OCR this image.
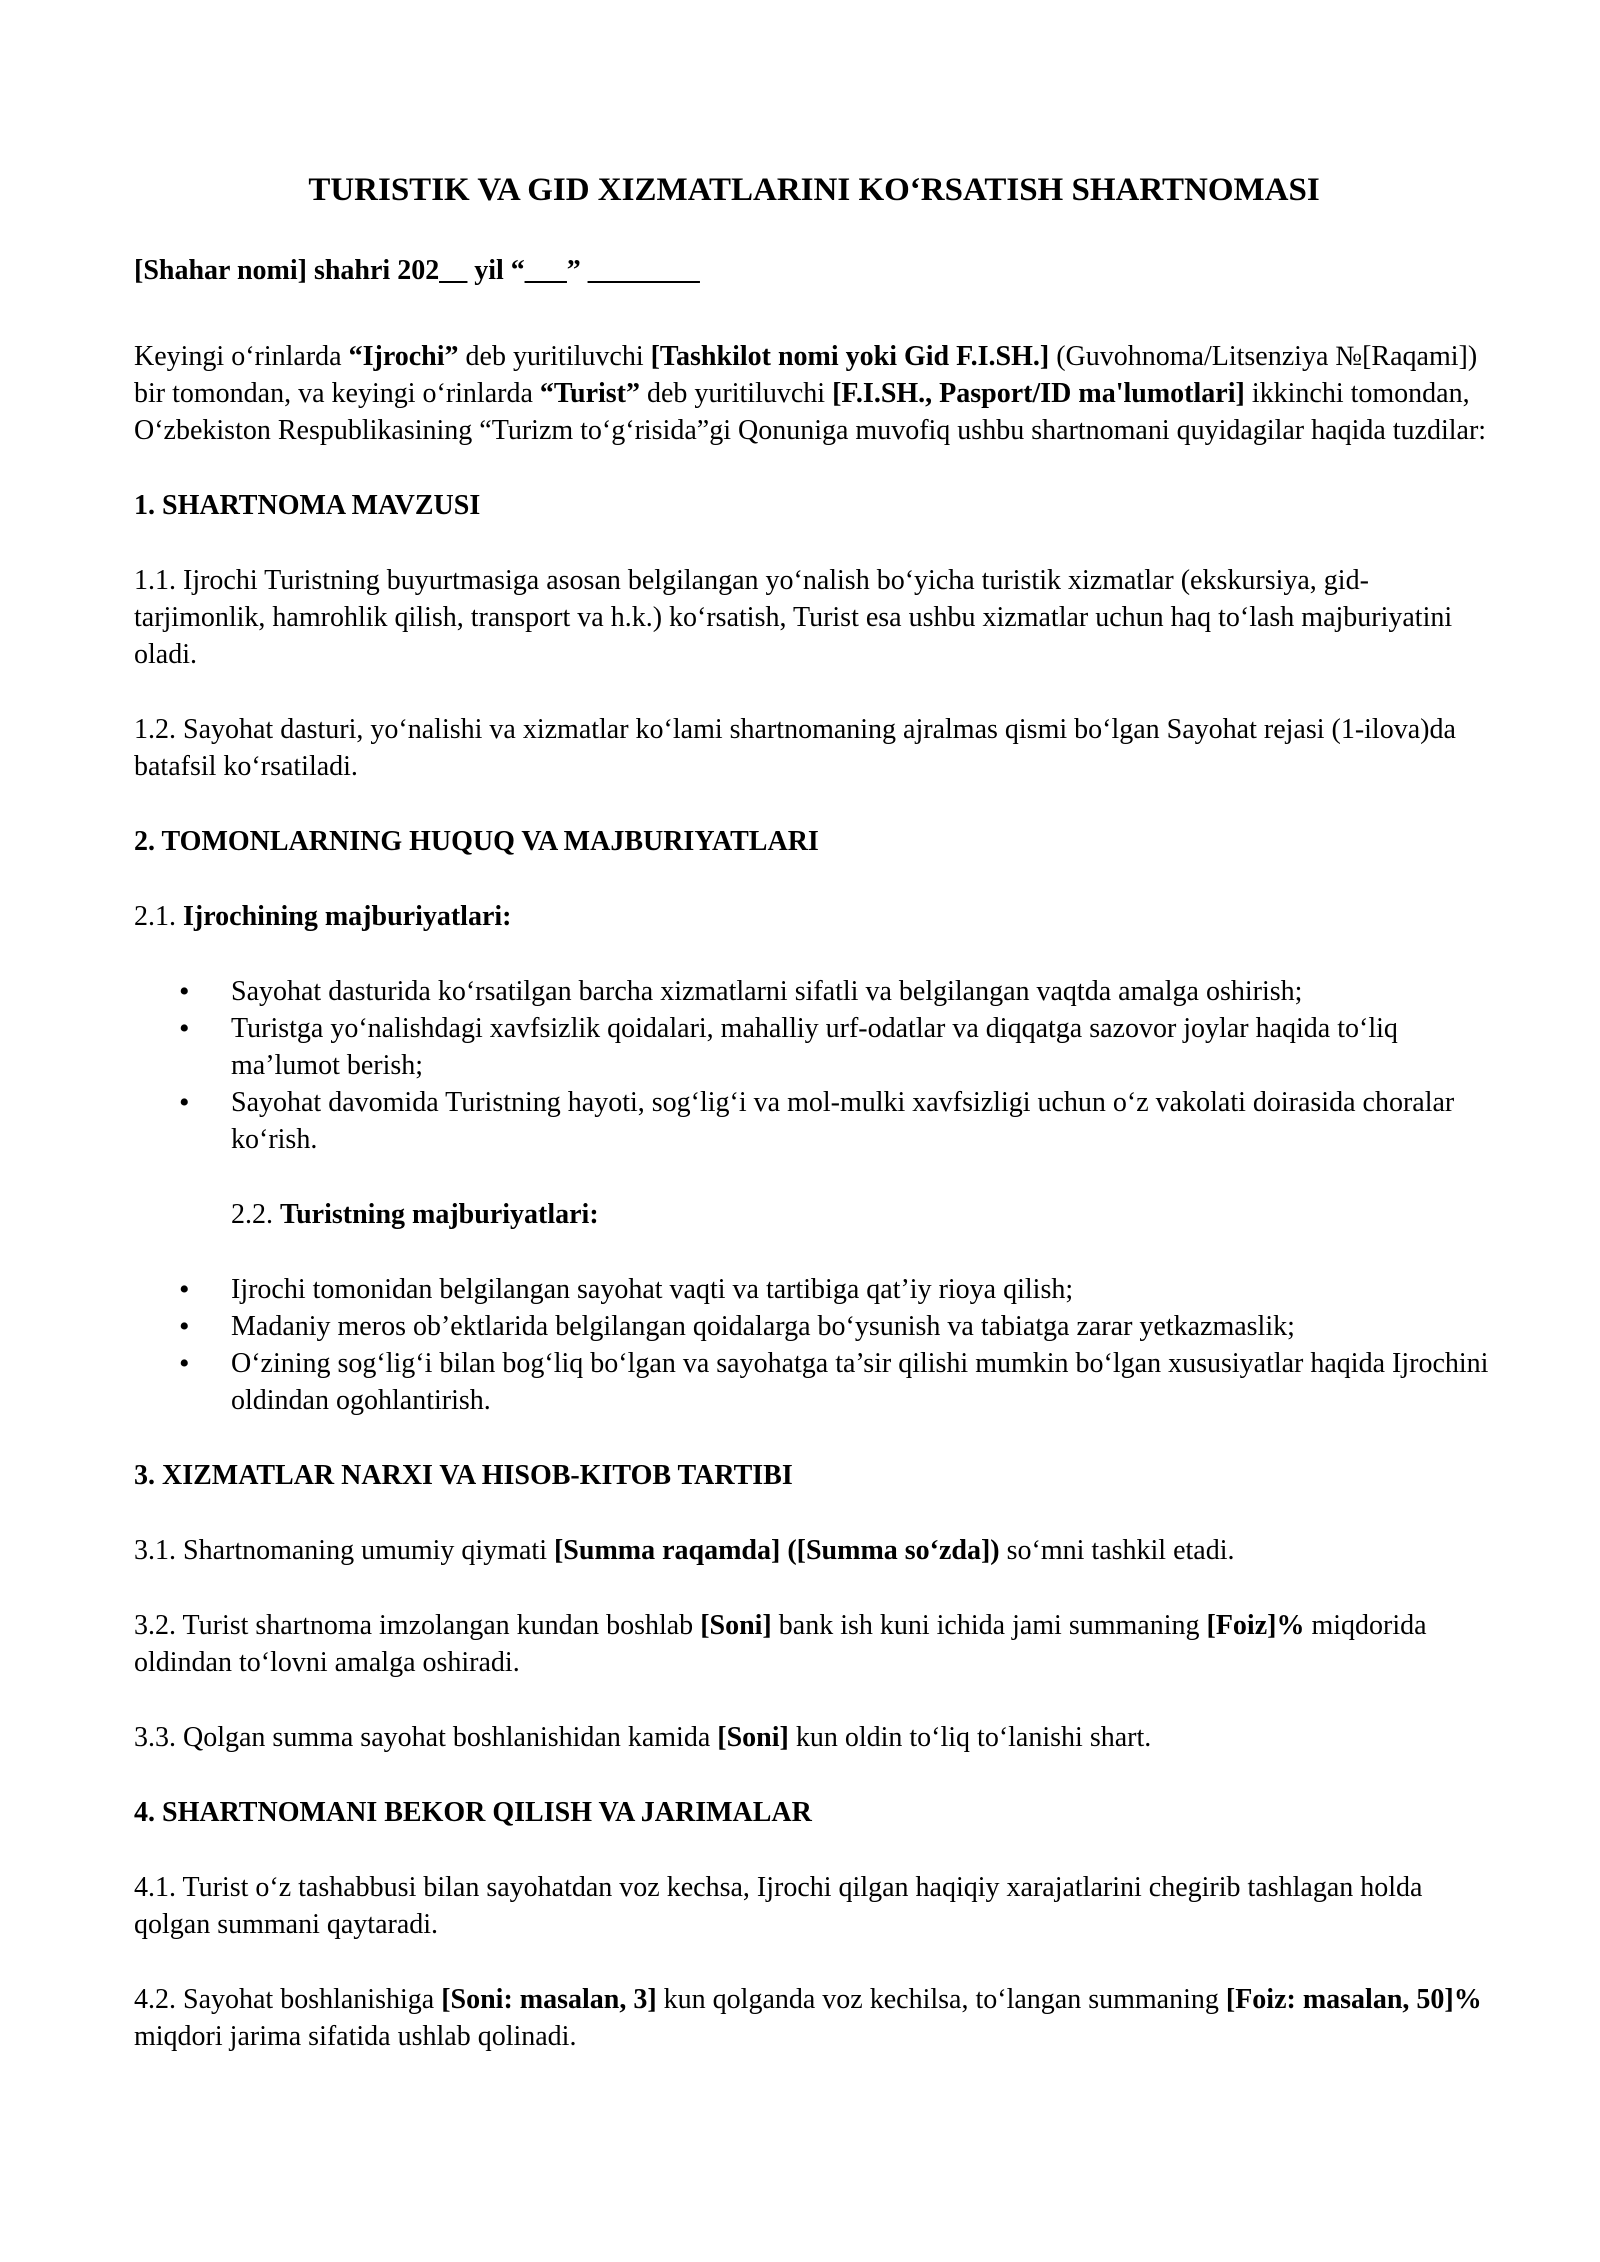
TURISTIK VA GID XIZMATLARINI KO‘RSATISH SHARTNOMASI
[Shahar nomi] shahri 202__ yil “___” ________

Keyingi o‘rinlarda “Ijrochi” deb yuritiluvchi [Tashkilot nomi yoki Gid F.I.SH.] (Guvohnoma/Litsenziya №[Raqami]) bir tomondan, va keyingi o‘rinlarda “Turist” deb yuritiluvchi [F.I.SH., Pasport/ID ma'lumotlari] ikkinchi tomondan, O‘zbekiston Respublikasining “Turizm to‘g‘risida”gi Qonuniga muvofiq ushbu shartnomani quyidagilar haqida tuzdilar:

1. SHARTNOMA MAVZUSI

1.1. Ijrochi Turistning buyurtmasiga asosan belgilangan yo‘nalish bo‘yicha turistik xizmatlar (ekskursiya, gid-tarjimonlik, hamrohlik qilish, transport va h.k.) ko‘rsatish, Turist esa ushbu xizmatlar uchun haq to‘lash majburiyatini oladi.

1.2. Sayohat dasturi, yo‘nalishi va xizmatlar ko‘lami shartnomaning ajralmas qismi bo‘lgan Sayohat rejasi (1-ilova)da batafsil ko‘rsatiladi.

2. TOMONLARNING HUQUQ VA MAJBURIYATLARI

2.1. Ijrochining majburiyatlari:

• Sayohat dasturida ko‘rsatilgan barcha xizmatlarni sifatli va belgilangan vaqtda amalga oshirish;
• Turistga yo‘nalishdagi xavfsizlik qoidalari, mahalliy urf-odatlar va diqqatga sazovor joylar haqida to‘liq ma’lumot berish;
• Sayohat davomida Turistning hayoti, sog‘lig‘i va mol-mulki xavfsizligi uchun o‘z vakolati doirasida choralar ko‘rish.

2.2. Turistning majburiyatlari:

• Ijrochi tomonidan belgilangan sayohat vaqti va tartibiga qat’iy rioya qilish;
• Madaniy meros ob’ektlarida belgilangan qoidalarga bo‘ysunish va tabiatga zarar yetkazmaslik;
• O‘zining sog‘lig‘i bilan bog‘liq bo‘lgan va sayohatga ta’sir qilishi mumkin bo‘lgan xususiyatlar haqida Ijrochini oldindan ogohlantirish.
3. XIZMATLAR NARXI VA HISOB-KITOB TARTIBI

3.1. Shartnomaning umumiy qiymati [Summa raqamda] ([Summa so‘zda]) so‘mni tashkil etadi.

3.2. Turist shartnoma imzolangan kundan boshlab [Soni] bank ish kuni ichida jami summaning [Foiz]% miqdorida oldindan to‘lovni amalga oshiradi.

3.3. Qolgan summa sayohat boshlanishidan kamida [Soni] kun oldin to‘liq to‘lanishi shart.

4. SHARTNOMANI BEKOR QILISH VA JARIMALAR

4.1. Turist o‘z tashabbusi bilan sayohatdan voz kechsa, Ijrochi qilgan haqiqiy xarajatlarini chegirib tashlagan holda qolgan summani qaytaradi.

4.2. Sayohat boshlanishiga [Soni: masalan, 3] kun qolganda voz kechilsa, to‘langan summaning [Foiz: masalan, 50]% miqdori jarima sifatida ushlab qolinadi.
